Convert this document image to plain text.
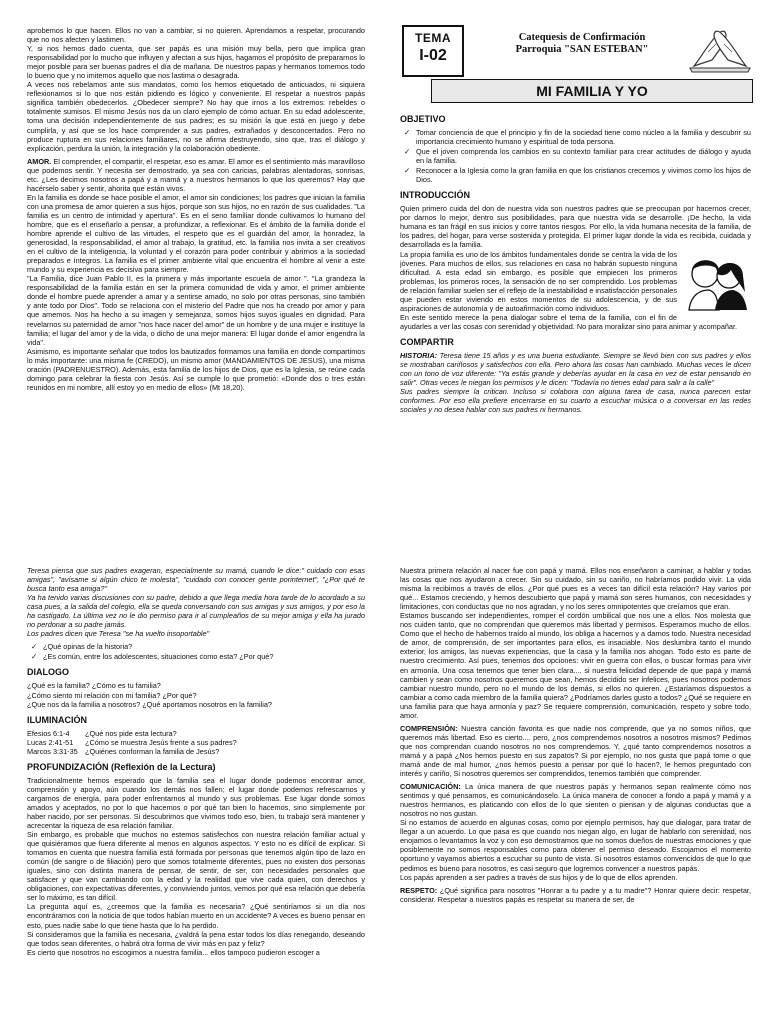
TEMA
I-02
Catequesis de Confirmación
Parroquia "SAN ESTEBAN"
MI FAMILIA Y YO

aprobemos lo que hacen. Ellos no van a cambiar, si no quieren. Aprendamos a respetar, procurando que no nos afecten y lastimen.

Y, si nos hemos dado cuenta, que ser papás es una misión muy bella, pero que implica gran responsabilidad por lo mucho que influyen y afectan a sus hijos, hagamos el propósito de prepararnos lo mejor posible para ser buenas padres el día de mañana. De nuestros papas y hermanos tomemos todo lo bueno que y no imitemos aquello que nos lastima o desagrada.

A veces nos rebelamos ante sus mandatos, como los hemos etiquetado de anticuados, ni siquiera reflexionamos si lo que nos están pidiendo es lógico y conveniente. El respetar a nuestros papás significa también obedecerlos. ¿Obedecer siempre? No hay que irnos a los extremos: rebeldes o totalmente sumisos. El mismo Jesús nos da un claro ejemplo de cómo actuar. En su edad adolescente, toma una decisión independientemente de sus padres; es su misión la que está en juego y debe cumplirla, y así que se los hace comprender a sus padres, extrañados y desconcertados. Pero no produce ruptura en sus relaciones familiares, no se afirma destruyendo, sino que, tras el diálogo y explicación, perdura la unión, la integración y la colaboración obediente.

AMOR. El comprender, el compartir, el respetar, eso es amar. El amor es el sentimiento más maravilloso que podemos sentir. Y necesita ser demostrado, ya sea con caricias, palabras alentadoras, sonrisas, etc. ¿Les decimos nosotros a papá y a mamá y a nuestros hermanos lo que los queremos? Hay que hacérselo saber y sentir, ahorita que están vivos.

En la familia es donde se hace posible el amor, el amor sin condiciones; los padres que inician la familia con una promesa de amor quieren a sus hijos, porque son sus hijos, no en razón de sus cualidades. "La familia es un centro de intimidad y apertura". Es en el seno familiar donde cultivamos lo humano del hombre, que es el enseñarlo a pensar, a profundizar, a reflexionar. Es el ámbito de la familia donde el hombre aprende el cultivo de las virtudes, el respeto que es el guardián del amor, la honradez, la generosidad, la responsabilidad, el amor al trabajo, la gratitud, etc. la familia nos invita a ser creativos en el cultivo de la inteligencia, la voluntad y el corazón para poder contribuir y abrirnos a la sociedad preparados e íntegros. La familia es el primer ambiente vital que encuentra el hombre al venir a este mundo y su experiencia es decisiva para siempre.

"La Familia, dice Juan Pablo II, es la primera y más importante escuela de amor ". "La grandeza la responsabilidad de la familia están en ser la primera comunidad de vida y amor, el primer ambiente donde el hombre puede aprender a amar y a sentirse amado, no solo por otras personas, sino también y ante todo por Dios". Todo se relaciona con el misterio del Padre que nos ha creado por amor y para que amemos. Nos ha hecho a su imagen y semejanza, somos hijos suyos iguales en dignidad. Para revelarnos su paternidad de amor "nos hace nacer del amor" de un hombre y de una mujer e instituye la familia; el lugar del amor y de la vida, o dicho de una mejor manera: El lugar donde el amor engendra la vida".

Asimismo, es importante señalar que todos los bautizados formamos una familia en donde compartimos lo más importante: una misma fe (CREDO), un mismo amor (MANDAMIENTOS DE JESUS), una misma oración (PADRENUESTRO). Además, esta familia de los hijos de Dios, que es la Iglesia, se reúne cada domingo para celebrar la fiesta con Jesús. Así se cumple lo que prometió: «Donde dos o tres están reunidos en mi nombre, allí estoy yo en medio de ellos» (Mt 18,20).

OBJETIVO
✓ Tomar conciencia de que el principio y fin de la sociedad tiene como núcleo a la familia y descubrir su importancia crecimiento humano y espiritual de toda persona.
✓ Que el joven comprenda los cambios en su contexto familiar para crear actitudes de diálogo y ayuda en la familia.
✓ Reconocer a la Iglesia como la gran familia en que los cristianos crecemos y vivimos como los hijos de Dios.
INTRODUCCIÓN

Quien primero cuida del don de nuestra vida son nuestros padres que se preocupan por hacernos crecer, por darnos lo mejor, dentro sus posibilidades, para que nuestra vida se desarrolle. ¡De hecho, la vida humana es tan frágil en sus inicios y corre tantos riesgos. Por ello, la vida humana necesita de la familia, de los padres, del hogar, para verse sostenida y protegida. El primer lugar donde la vida es recibida, cuidada y desarrollada es la familia.

La propia familia es uno de los ámbitos fundamentales donde se centra la vida de los jóvenes. Para muchos de ellos, sus relaciones en casa no habrán supuesto ninguna dificultad. A esta edad sin embargo, es posible que empiecen los primeros problemas, los primeros roces, la sensación de no ser comprendido. Los problemas de relación familiar suelen ser el reflejo de la inestabilidad e insatisfacción personales que pueden estar viviendo en estos momentos de su adolescencia, y de sus aspiraciones de autonomía y de autoafirmación como individuos.

En este sentido merece la pena dialogar sobre el tema de la familia, con el fin de ayudarles a ver las cosas con serenidad y objetividad. No para moralizar sino para animar y acompañar.

COMPARTIR

HISTORIA: Teresa tiene 15 años y es una buena estudiante. Siempre se llevó bien con sus padres y ellos se mostraban cariñosos y satisfechos con ella. Pero ahora las cosas han cambiado. Muchas veces le dicen con un tono de voz diferente: "Ya estás grande y deberías ayudar en la casa en vez de estar pensando en salir". Otras veces le niegan los permisos y le dicen: "Todavía no tienes edad para salir a la calle"

Sus padres siempre la critican. Incluso si colabora con alguna tarea de casa, nunca parecen estar conformes. Por eso ella prefiere encerrarse en su cuarto a escuchar música o a conversar en las redes sociales y no desea hablar con sus padres ni hermanos.

Teresa piensa que sus padres exageran, especialmente su mamá, cuando le dice:" cuidado con esas amigas", "avísame si algún chico te molesta", "cuidado con conocer gente porinternet", "¿Por qué te busca tanto esa amiga?"

Ya ha tenido varias discusiones con su padre, debido a que llega media hora tarde de lo acordado a su casa pues, a la salida del colegio, ella se queda conversando con sus amigas y sus amigos, y por eso la ha castigado. La última vez no le dio permiso para ir al cumpleaños de su mejor amiga y ella ha jurado no perdonar a su padre jamás.

Los padres dicen que Teresa "se ha vuelto insoportable"

✓ ¿Qué opinas de la historia?
✓ ¿Es común, entre los adolescentes, situaciones como esta? ¿Por qué?
DIALOGO
¿Qué es la familia? ¿Cómo es tu familia?
¿Cómo siento mi relación con mi familia? ¿Por qué?
¿Que nos da la familia a nosotros? ¿Qué aportamos nosotros en la familia?
ILUMINACIÓN
Efesios 6:1-4	¿Qué nos pide esta lectura?
Lucas 2:41-51	¿Cómo se muestra Jesús frente a sus padres?
Marcos 3:31-35 ¿Quiénes conforman la familia de Jesús?
PROFUNDIZACIÓN (Reflexión de la Lectura)

Tradicionalmente hemos esperado que la familia sea el lugar donde podemos encontrar amor, comprensión y apoyo, aún cuando los demás nos fallen; el lugar donde podemos refrescarnos y cargarnos de energía, para poder enfrentarnos al mundo y sus problemas. Ese lugar donde somos amados y aceptados, no por lo que hacemos o por qué tan bien lo hacemos, sino simplemente por haber nacido, por ser personas. Si descubrimos que vivimos todo eso, bien, tu trabajo será mantener y acrecentar la riqueza de esa relación familiar.

Sin embargo, es probable que muchos no estemos satisfechos con nuestra relación familiar actual y que quisiéramos que fuera diferente al menos en algunos aspectos. Y esto no es difícil de explicar. Si tomamos en cuenta que nuestra familia está formada por personas que tenemos algún tipo de lazo en común (de sangre o de filiación) pero que somos totalmente diferentes, pues no existen dos personas iguales, sino con distinta manera de pensar, de sentir, de ser, con necesidades personales que satisfacer y que van cambiando con la edad y la realidad que vive cada quien, con derechos y obligaciones, con expectativas diferentes, y conviviendo juntos, vemos por qué esa relación que debería ser lo máximo, es tan difícil.

La pregunta aquí es, ¿creemos que la familia es necesaria? ¿Qué sentiríamos si un día nos encontráramos con la noticia de que todos habían muerto en un accidente? A veces es bueno pensar en esto, pues nadie sabe lo que tiene hasta que lo ha perdido.

Si consideramos que la familia es necesaria, ¿valdrá la pena estar todos los días renegando, deseando que todos sean diferentes, o habrá otra forma de vivir más en paz y feliz?

Es cierto que nosotros no escogimos a nuestra familia... ellos tampoco pudieron escoger a

Nuestra primera relación al nacer fue con papá y mamá. Ellos nos enseñaron a caminar, a hablar y todas las cosas que nos ayudaron a crecer. Sin su cuidado, sin su cariño, no habríamos podido vivir. La vida misma la recibimos a través de ellos. ¿Por qué pues es a veces tan difícil esta relación? Hay varios por qué... Estamos creciendo, y hemos descubierto que papá y mamá son seres humanos, con necesidades y limitaciones, con conductas que no nos agradan, y no los seres omnipotentes que creíamos que eran.

Estamos buscando ser independientes, romper el cordón umbilical que nos une a ellos. Nos molesta que nos cuiden tanto, que no comprendan que queremos más libertad y permisos. Esperamos mucho de ellos. Como que el hecho de habernos traído al mundo, los obliga a hacernos y a darnos todo. Nuestra necesidad de amor, de comprensión, de ser importantes para ellos, es insaciable. Nos deslumbra tanto el mundo exterior, los amigos, las nuevas experiencias, que la casa y la familia nos ahogan. Todo esto es parte de nuestro crecimiento. Así pues, tenemos dos opciones: vivir en guerra con ellos, o buscar formas para vivir en armonía. Una cosa tenemos que tener bien clara.... si nuestra felicidad depende de que papá y mamá cambien y sean como nosotros queremos que sean, hemos decidido ser infelices, pues nosotros podemos cambiar nuestro mundo, pero no el mundo de los demás, si ellos no quieren. ¿Estaríamos dispuestos a cambiar a como cada miembro de la familia quiera? ¿Podríamos darles gusto a todos? ¿Qué se requiere en una familia para que haya armonía y paz? Se requiere comprensión, comunicación, respeto y sobre todo, amor.

COMPRENSIÓN: Nuestra canción favorita es que nadie nos comprende, que ya no somos niños, que queremos más libertad. Eso es cierto.... pero, ¿nos comprendemos nosotros a nosotros mismos? Pedimos que nos comprendan cuando nosotros no nos comprendemos. Y, ¿qué tanto comprendemos nosotros a mamá y a papá ¿Nos hemos puesto en sus zapatos? Si por ejemplo, no nos gusta que papá tome o que mamá ande de mal humor, ¿nos hemos puesto a pensar por qué lo hacen?, le hemos preguntado con interés y cariño, Si nosotros queremos ser comprendidos, tenemos también que comprender.

COMUNICACIÓN: La única manera de que nuestros papás y hermanos sepan realmente cómo nos sentimos y qué pensamos, es comunicándoselo. La única manera de conocer a fondo a papá y mamá y a nuestros hermanos, es platicando con ellos de lo que sienten o piensan y de algunas conductas que a nosotros no nos gustan.

Si no estamos de acuerdo en algunas cosas, como por ejemplo permisos, hay que dialogar, para tratar de llegar a un acuerdo. Lo que pasa es que cuando nos niegan algo, en lugar de hablarlo con serenidad, nos enojamos o levantamos la voz y con eso demostramos que no somos dueños de nuestras emociones y que posiblemente no somos responsables como para obtener el permiso deseado. Escojamos el momento oportuno y vayamos abiertos a escuchar su punto de vista. Si nosotros estamos convencidos de que lo que pedimos es bueno para nosotros, es casi seguro que logremos convencer a nuestros papás.

Los papás aprenden a ser padres a través de sus hijos y de lo que de ellos aprenden.

RESPETO: ¿Qué significa para nosotros "Honrar a tu padre y a tu madre"? Honrar quiere decir: respetar, considerar. Respetar a nuestros papás es respetar su manera de ser, de
